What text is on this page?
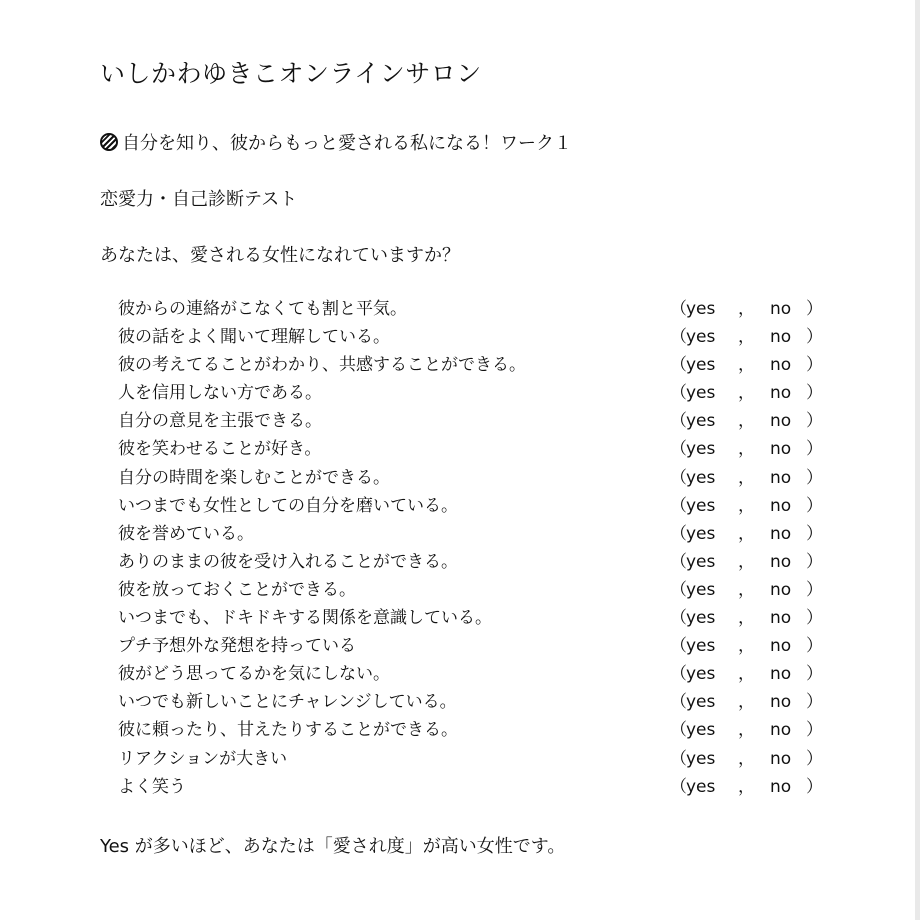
いしかわゆきこオンラインサロン
自分を知り、彼からもっと愛される私になる！ワーク１
恋愛力・自己診断テスト
あなたは、愛される女性になれていますか？
彼からの連絡がこなくても割と平気。	（ yes ， no ）
彼の話をよく聞いて理解している。	（ yes ， no ）
彼の考えてることがわかり、共感することができる。	（ yes ， no ）
人を信用しない方である。	（ yes ， no ）
自分の意見を主張できる。	（ yes ， no ）
彼を笑わせることが好き。	（ yes ， no ）
自分の時間を楽しむことができる。	（ yes ， no ）
いつまでも女性としての自分を磨いている。	（ yes ， no ）
彼を誉めている。	（ yes ， no ）
ありのままの彼を受け入れることができる。	（ yes ， no ）
彼を放っておくことができる。	（ yes ， no ）
いつまでも、ドキドキする関係を意識している。	（ yes ， no ）
プチ予想外な発想を持っている	（ yes ， no ）
彼がどう思ってるかを気にしない。	（ yes ， no ）
いつでも新しいことにチャレンジしている。	（ yes ， no ）
彼に頼ったり、甘えたりすることができる。	（ yes ， no ）
リアクションが大きい	（ yes ， no ）
よく笑う	（ yes ， no ）
Yes が多いほど、あなたは「愛され度」が高い女性です。
